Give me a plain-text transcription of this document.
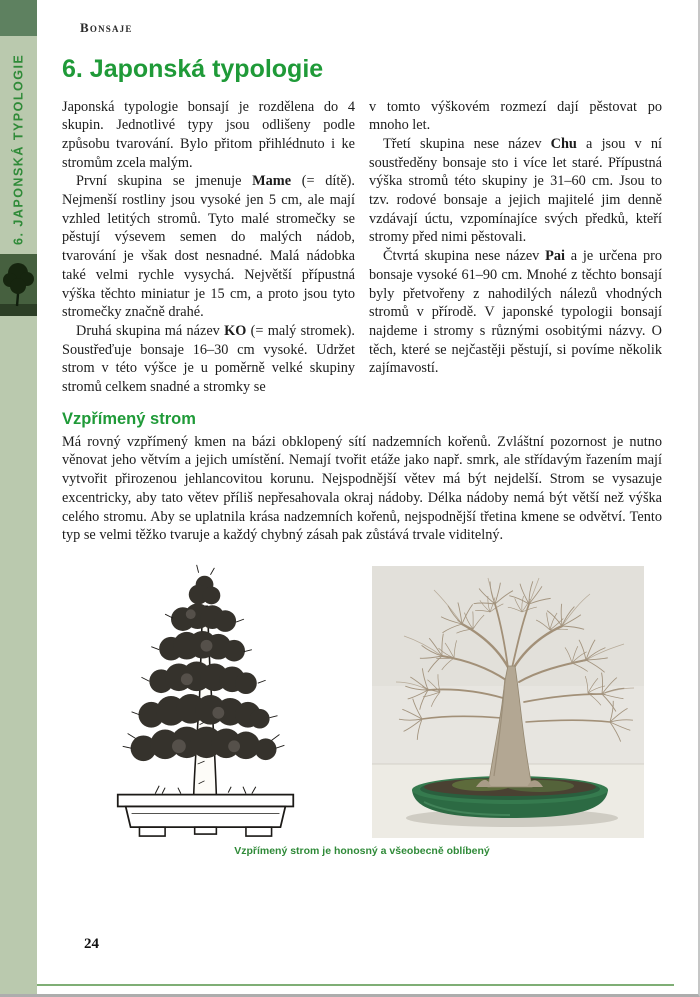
6. JAPONSKÁ TYPOLOGIE
Bonsaje
6. Japonská typologie

Japonská typologie bonsají je rozdělena do 4 skupin. Jednotlivé typy jsou odlišeny podle způsobu tvarování. Bylo přitom přihlédnuto i ke stromům zcela malým.

První skupina se jmenuje Mame (= dítě). Nejmenší rostliny jsou vysoké jen 5 cm, ale mají vzhled letitých stromů. Tyto malé stromečky se pěstují výsevem semen do malých nádob, tvarování je však dost nesnadné. Malá nádobka také velmi rychle vysychá. Největší přípustná výška těchto miniatur je 15 cm, a proto jsou tyto stromečky značně drahé.

Druhá skupina má název KO (= malý stromek). Soustřeďuje bonsaje 16–30 cm vysoké. Udržet strom v této výšce je u poměrně velké skupiny stromů celkem snadné a stromky se

v tomto výškovém rozmezí dají pěstovat po mnoho let.

Třetí skupina nese název Chu a jsou v ní soustředěny bonsaje sto i více let staré. Přípustná výška stromů této skupiny je 31–60 cm. Jsou to tzv. rodové bonsaje a jejich majitelé jim denně vzdávají úctu, vzpomínajíce svých předků, kteří stromy před nimi pěstovali.

Čtvrtá skupina nese název Pai a je určena pro bonsaje vysoké 61–90 cm. Mnohé z těchto bonsají byly přetvořeny z nahodilých nálezů vhodných stromů v přírodě. V japonské typologii bonsají najdeme i stromy s různými osobitými názvy. O těch, které se nejčastěji pěstují, si povíme několik zajímavostí.

Vzpřímený strom

Má rovný vzpřímený kmen na bázi obklopený sítí nadzemních kořenů. Zvláštní pozornost je nutno věnovat jeho větvím a jejich umístění. Nemají tvořit etáže jako např. smrk, ale střídavým řazením mají vytvořit přirozenou jehlancovitou korunu. Nejspodnější větev má být nejdelší. Strom se vysazuje excentricky, aby tato větev příliš nepřesahovala okraj nádoby. Délka nádoby nemá být větší než výška celého stromu. Aby se uplatnila krása nadzemních kořenů, nejspodnější třetina kmene se odvětví. Tento typ se velmi těžko tvaruje a každý chybný zásah pak zůstává trvale viditelný.

Vzpřímený strom je honosný a všeobecně oblíbený
24
